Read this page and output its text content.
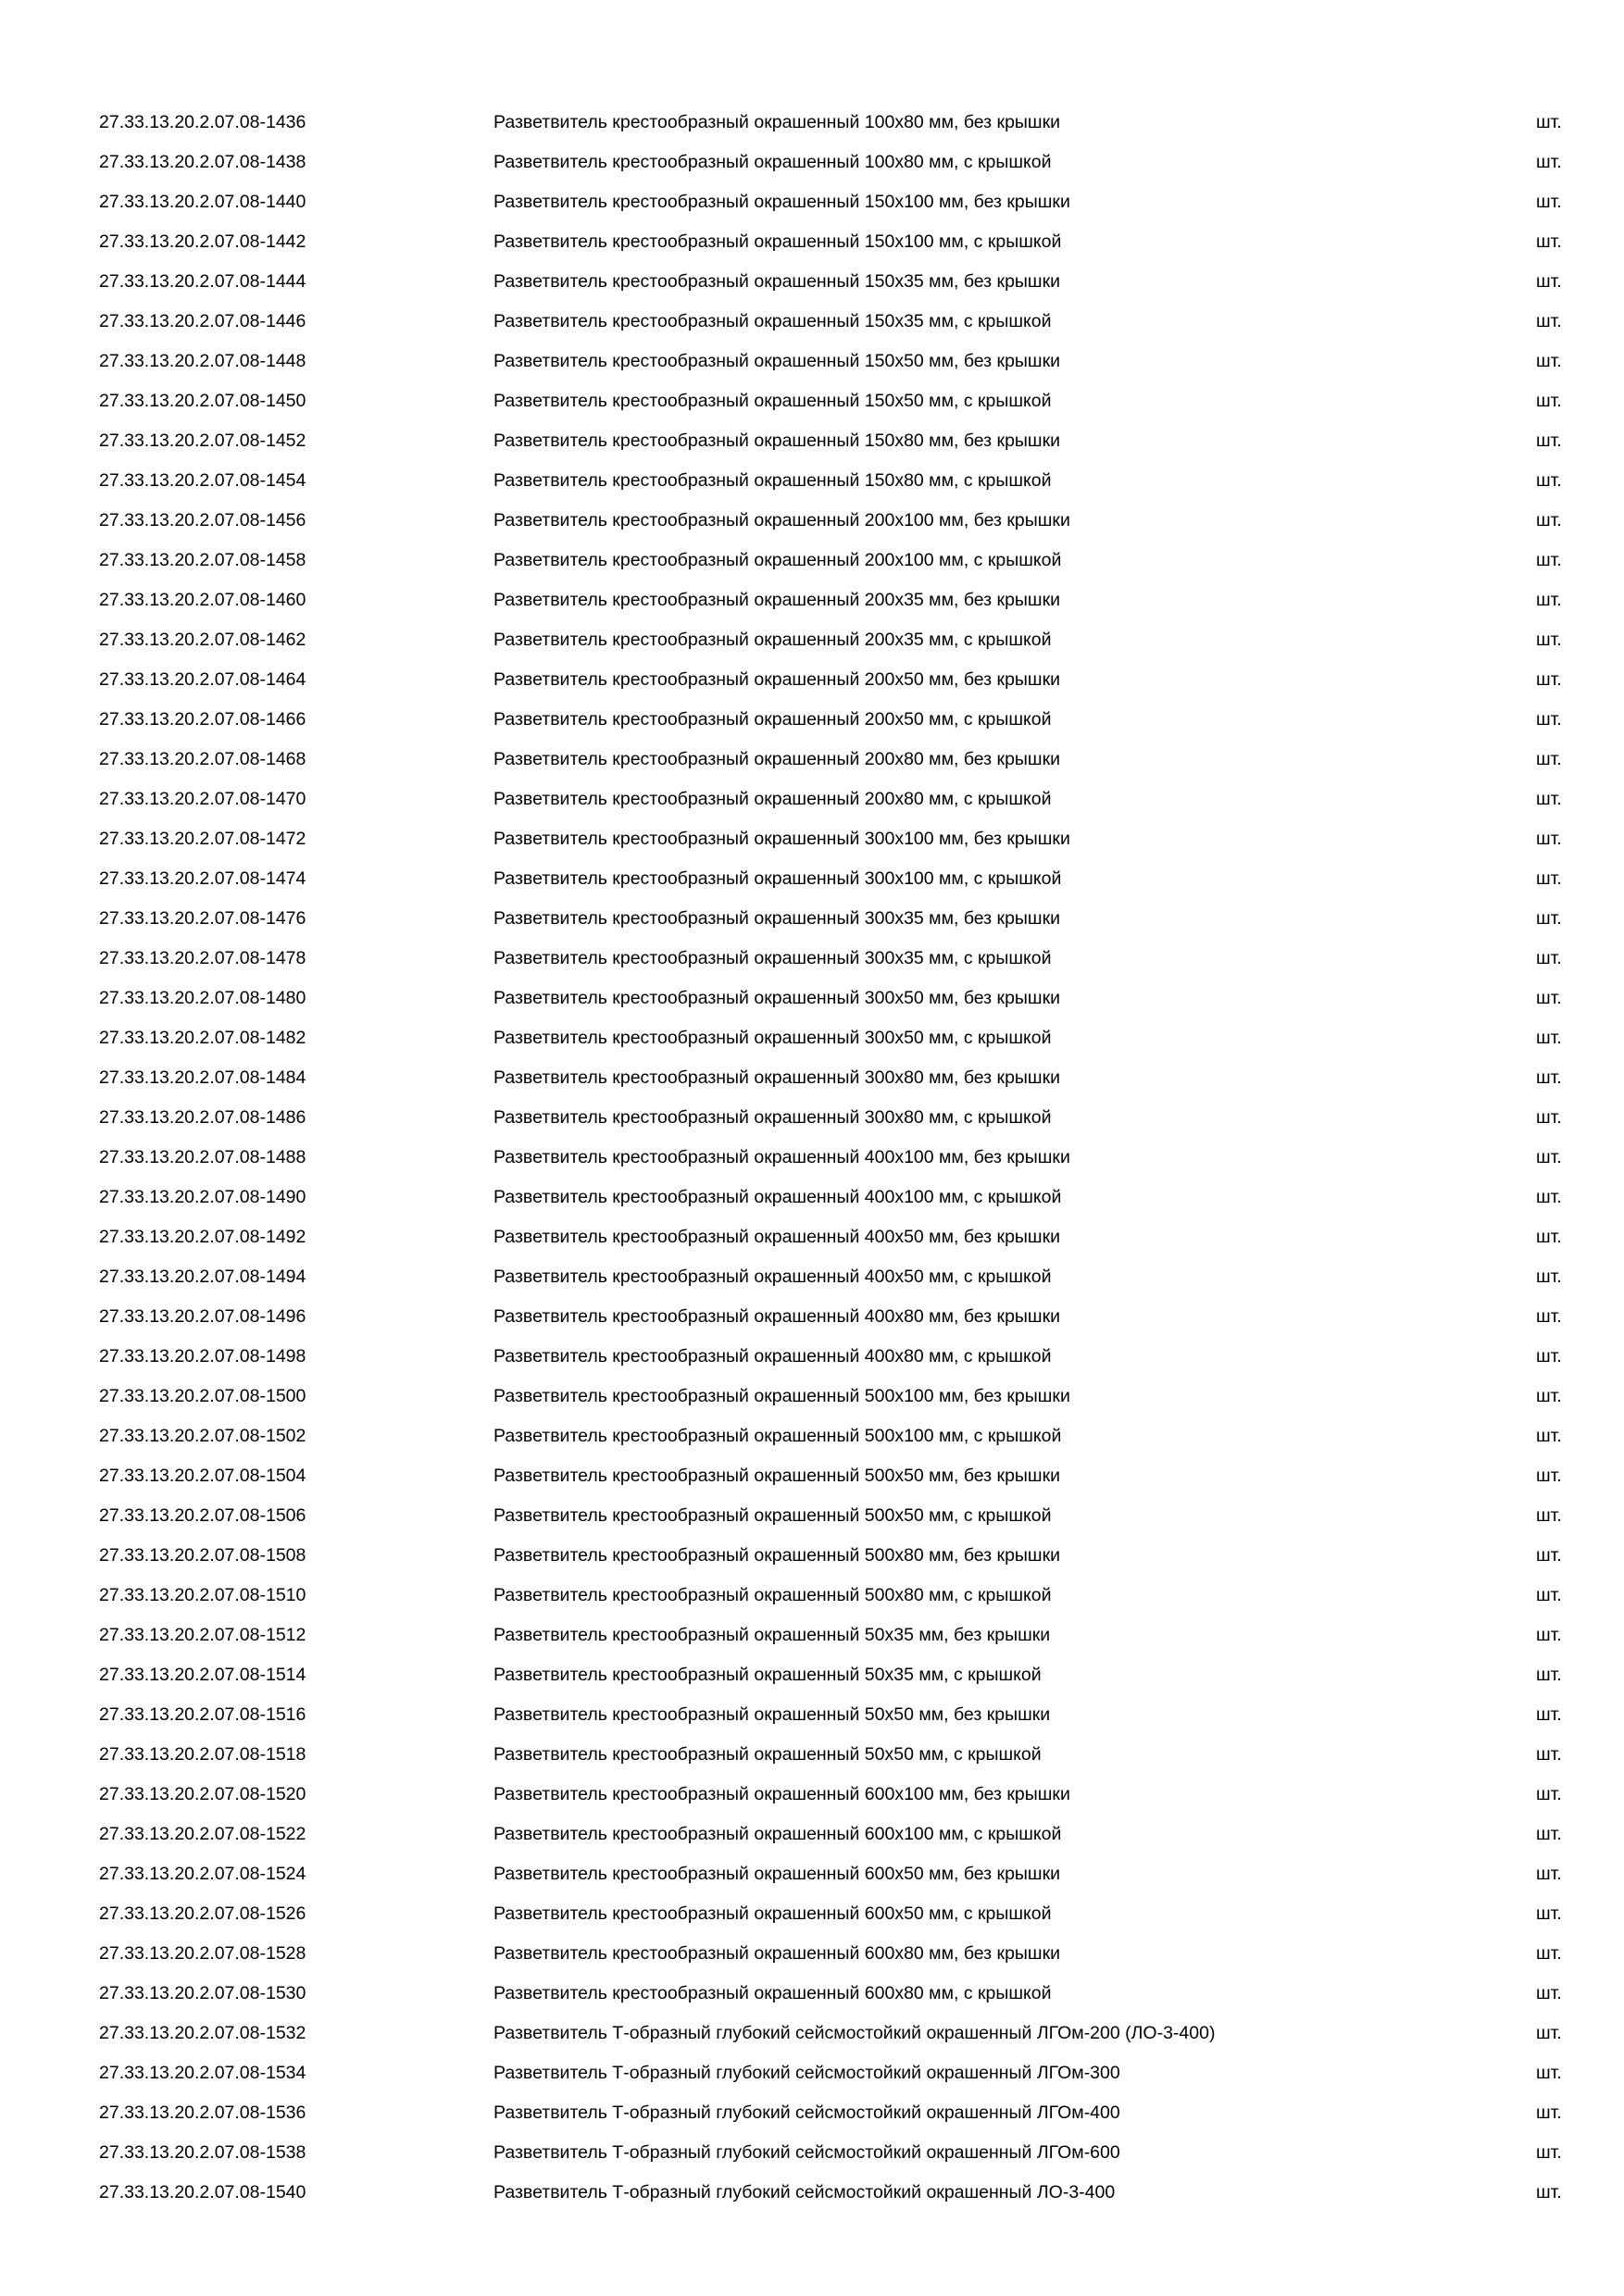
27.33.13.20.2.07.08-1436	Разветвитель крестообразный окрашенный 100х80 мм, без крышки	шт.
27.33.13.20.2.07.08-1438	Разветвитель крестообразный окрашенный 100х80 мм, с крышкой	шт.
27.33.13.20.2.07.08-1440	Разветвитель крестообразный окрашенный 150х100 мм, без крышки	шт.
27.33.13.20.2.07.08-1442	Разветвитель крестообразный окрашенный 150х100 мм, с крышкой	шт.
27.33.13.20.2.07.08-1444	Разветвитель крестообразный окрашенный 150х35 мм, без крышки	шт.
27.33.13.20.2.07.08-1446	Разветвитель крестообразный окрашенный 150х35 мм, с крышкой	шт.
27.33.13.20.2.07.08-1448	Разветвитель крестообразный окрашенный 150х50 мм, без крышки	шт.
27.33.13.20.2.07.08-1450	Разветвитель крестообразный окрашенный 150х50 мм, с крышкой	шт.
27.33.13.20.2.07.08-1452	Разветвитель крестообразный окрашенный 150х80 мм, без крышки	шт.
27.33.13.20.2.07.08-1454	Разветвитель крестообразный окрашенный 150х80 мм, с крышкой	шт.
27.33.13.20.2.07.08-1456	Разветвитель крестообразный окрашенный 200х100 мм, без крышки	шт.
27.33.13.20.2.07.08-1458	Разветвитель крестообразный окрашенный 200х100 мм, с крышкой	шт.
27.33.13.20.2.07.08-1460	Разветвитель крестообразный окрашенный 200х35 мм, без крышки	шт.
27.33.13.20.2.07.08-1462	Разветвитель крестообразный окрашенный 200х35 мм, с крышкой	шт.
27.33.13.20.2.07.08-1464	Разветвитель крестообразный окрашенный 200х50 мм, без крышки	шт.
27.33.13.20.2.07.08-1466	Разветвитель крестообразный окрашенный 200х50 мм, с крышкой	шт.
27.33.13.20.2.07.08-1468	Разветвитель крестообразный окрашенный 200х80 мм, без крышки	шт.
27.33.13.20.2.07.08-1470	Разветвитель крестообразный окрашенный 200х80 мм, с крышкой	шт.
27.33.13.20.2.07.08-1472	Разветвитель крестообразный окрашенный 300х100 мм, без крышки	шт.
27.33.13.20.2.07.08-1474	Разветвитель крестообразный окрашенный 300х100 мм, с крышкой	шт.
27.33.13.20.2.07.08-1476	Разветвитель крестообразный окрашенный 300х35 мм, без крышки	шт.
27.33.13.20.2.07.08-1478	Разветвитель крестообразный окрашенный 300х35 мм, с крышкой	шт.
27.33.13.20.2.07.08-1480	Разветвитель крестообразный окрашенный 300х50 мм, без крышки	шт.
27.33.13.20.2.07.08-1482	Разветвитель крестообразный окрашенный 300х50 мм, с крышкой	шт.
27.33.13.20.2.07.08-1484	Разветвитель крестообразный окрашенный 300х80 мм, без крышки	шт.
27.33.13.20.2.07.08-1486	Разветвитель крестообразный окрашенный 300х80 мм, с крышкой	шт.
27.33.13.20.2.07.08-1488	Разветвитель крестообразный окрашенный 400х100 мм, без крышки	шт.
27.33.13.20.2.07.08-1490	Разветвитель крестообразный окрашенный 400х100 мм, с крышкой	шт.
27.33.13.20.2.07.08-1492	Разветвитель крестообразный окрашенный 400х50 мм, без крышки	шт.
27.33.13.20.2.07.08-1494	Разветвитель крестообразный окрашенный 400х50 мм, с крышкой	шт.
27.33.13.20.2.07.08-1496	Разветвитель крестообразный окрашенный 400х80 мм, без крышки	шт.
27.33.13.20.2.07.08-1498	Разветвитель крестообразный окрашенный 400х80 мм, с крышкой	шт.
27.33.13.20.2.07.08-1500	Разветвитель крестообразный окрашенный 500х100 мм, без крышки	шт.
27.33.13.20.2.07.08-1502	Разветвитель крестообразный окрашенный 500х100 мм, с крышкой	шт.
27.33.13.20.2.07.08-1504	Разветвитель крестообразный окрашенный 500х50 мм, без крышки	шт.
27.33.13.20.2.07.08-1506	Разветвитель крестообразный окрашенный 500х50 мм, с крышкой	шт.
27.33.13.20.2.07.08-1508	Разветвитель крестообразный окрашенный 500х80 мм, без крышки	шт.
27.33.13.20.2.07.08-1510	Разветвитель крестообразный окрашенный 500х80 мм, с крышкой	шт.
27.33.13.20.2.07.08-1512	Разветвитель крестообразный окрашенный 50х35 мм, без крышки	шт.
27.33.13.20.2.07.08-1514	Разветвитель крестообразный окрашенный 50х35 мм, с крышкой	шт.
27.33.13.20.2.07.08-1516	Разветвитель крестообразный окрашенный 50х50 мм, без крышки	шт.
27.33.13.20.2.07.08-1518	Разветвитель крестообразный окрашенный 50х50 мм, с крышкой	шт.
27.33.13.20.2.07.08-1520	Разветвитель крестообразный окрашенный 600х100 мм, без крышки	шт.
27.33.13.20.2.07.08-1522	Разветвитель крестообразный окрашенный 600х100 мм, с крышкой	шт.
27.33.13.20.2.07.08-1524	Разветвитель крестообразный окрашенный 600х50 мм, без крышки	шт.
27.33.13.20.2.07.08-1526	Разветвитель крестообразный окрашенный 600х50 мм, с крышкой	шт.
27.33.13.20.2.07.08-1528	Разветвитель крестообразный окрашенный 600х80 мм, без крышки	шт.
27.33.13.20.2.07.08-1530	Разветвитель крестообразный окрашенный 600х80 мм, с крышкой	шт.
27.33.13.20.2.07.08-1532	Разветвитель Т-образный глубокий сейсмостойкий окрашенный ЛГОм-200 (ЛО-3-400)	шт.
27.33.13.20.2.07.08-1534	Разветвитель Т-образный глубокий сейсмостойкий окрашенный ЛГОм-300	шт.
27.33.13.20.2.07.08-1536	Разветвитель Т-образный глубокий сейсмостойкий окрашенный ЛГОм-400	шт.
27.33.13.20.2.07.08-1538	Разветвитель Т-образный глубокий сейсмостойкий окрашенный ЛГОм-600	шт.
27.33.13.20.2.07.08-1540	Разветвитель Т-образный глубокий сейсмостойкий окрашенный ЛО-3-400	шт.
